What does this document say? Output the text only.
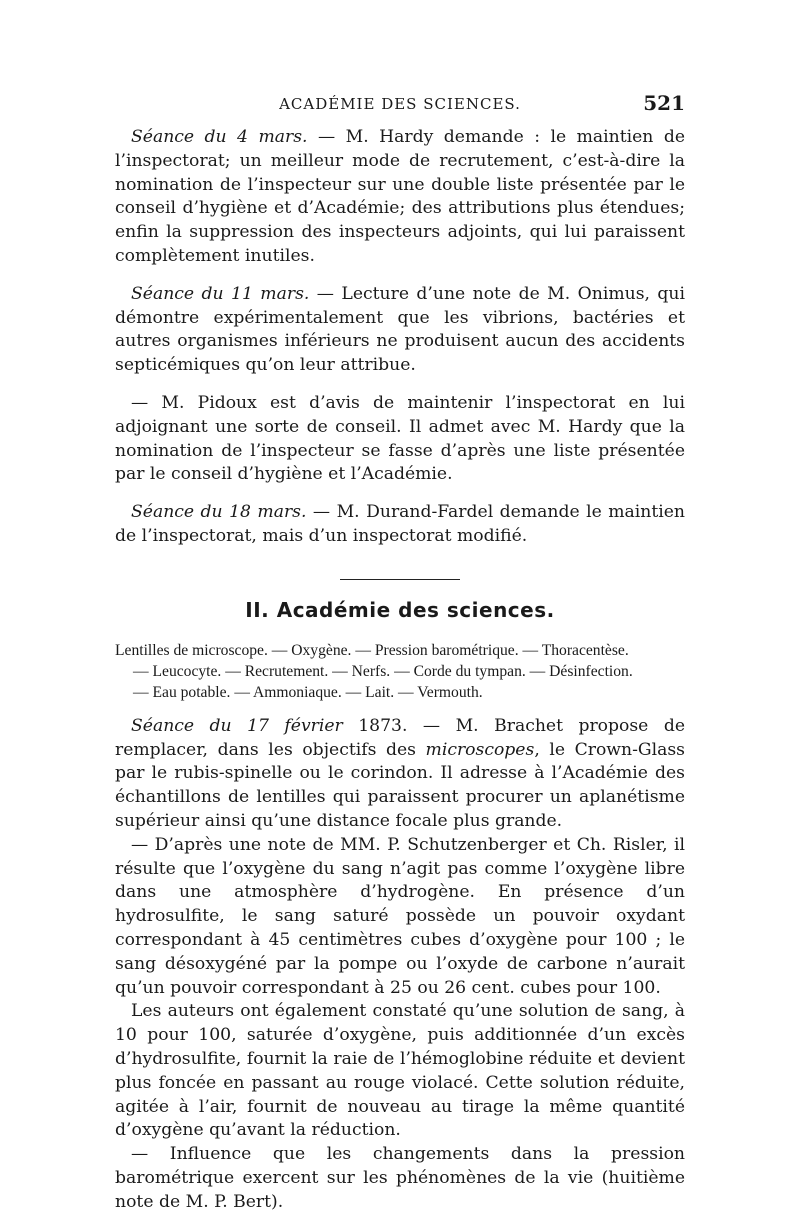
ACADÉMIE DES SCIENCES.	521

Séance du 4 mars. — M. Hardy demande : le maintien de l’inspectorat; un meilleur mode de recrutement, c’est-à-dire la nomination de l’inspecteur sur une double liste présentée par le conseil d’hygiène et d’Académie; des attributions plus étendues; enfin la suppression des inspecteurs adjoints, qui lui paraissent complètement inutiles.

Séance du 11 mars. — Lecture d’une note de M. Onimus, qui démontre expérimentalement que les vibrions, bactéries et autres organismes inférieurs ne produisent aucun des accidents septicémiques qu’on leur attribue.

— M. Pidoux est d’avis de maintenir l’inspectorat en lui adjoignant une sorte de conseil. Il admet avec M. Hardy que la nomination de l’inspecteur se fasse d’après une liste présentée par le conseil d’hygiène et l’Académie.

Séance du 18 mars. — M. Durand-Fardel demande le maintien de l’inspectorat, mais d’un inspectorat modifié.

II. Académie des sciences.
Lentilles de microscope. — Oxygène. — Pression barométrique. — Thoracentèse.
— Leucocyte. — Recrutement. — Nerfs. — Corde du tympan. — Désinfection.
— Eau potable. — Ammoniaque. — Lait. — Vermouth.

Séance du 17 février 1873. — M. Brachet propose de remplacer, dans les objectifs des microscopes, le Crown-Glass par le rubis-spinelle ou le corindon. Il adresse à l’Académie des échantillons de lentilles qui paraissent procurer un aplanétisme supérieur ainsi qu’une distance focale plus grande.

— D’après une note de MM. P. Schutzenberger et Ch. Risler, il résulte que l’oxygène du sang n’agit pas comme l’oxygène libre dans une atmosphère d’hydrogène. En présence d’un hydrosulfite, le sang saturé possède un pouvoir oxydant correspondant à 45 centimètres cubes d’oxygène pour 100 ; le sang désoxygéné par la pompe ou l’oxyde de carbone n’aurait qu’un pouvoir correspondant à 25 ou 26 cent. cubes pour 100.

Les auteurs ont également constaté qu’une solution de sang, à 10 pour 100, saturée d’oxygène, puis additionnée d’un excès d’hydrosulfite, fournit la raie de l’hémoglobine réduite et devient plus foncée en passant au rouge violacé. Cette solution réduite, agitée à l’air, fournit de nouveau au tirage la même quantité d’oxygène qu’avant la réduction.

— Influence que les changements dans la pression barométrique exercent sur les phénomènes de la vie (huitième note de M. P. Bert).
